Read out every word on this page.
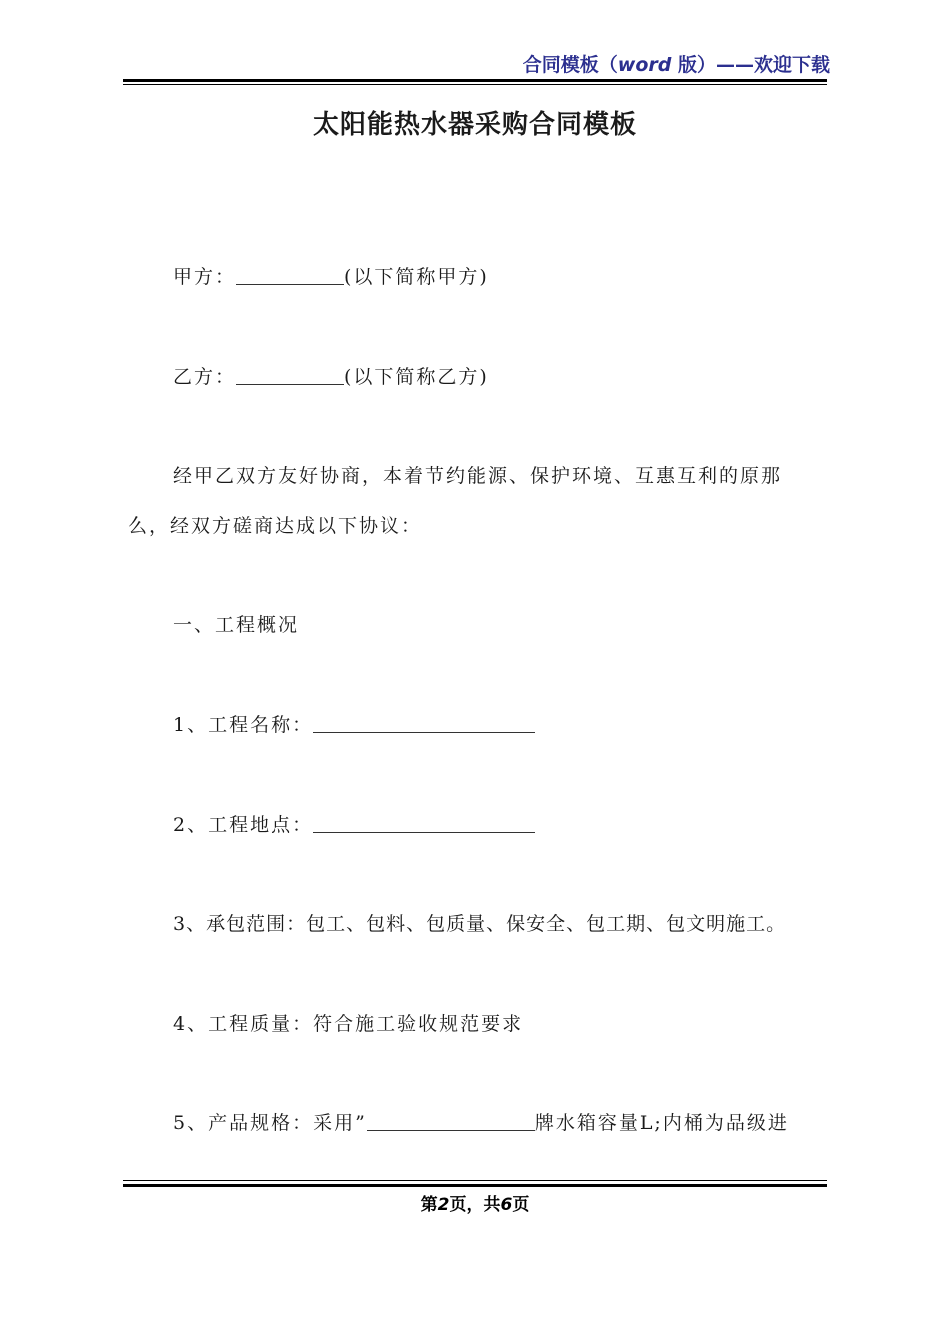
合同模板（word 版）——欢迎下载
太阳能热水器采购合同模板
甲方：	(以下简称甲方)
乙方：	(以下简称乙方)
经甲乙双方友好协商，本着节约能源、保护环境、互惠互利的原那
么，经双方磋商达成以下协议：
一、工程概况
1、工程名称：
2、工程地点：
3、承包范围：包工、包料、包质量、保安全、包工期、包文明施工。
4、工程质量：符合施工验收规范要求
5、产品规格：采用”	牌水箱容量L;内桶为品级进
第2页，共6页
